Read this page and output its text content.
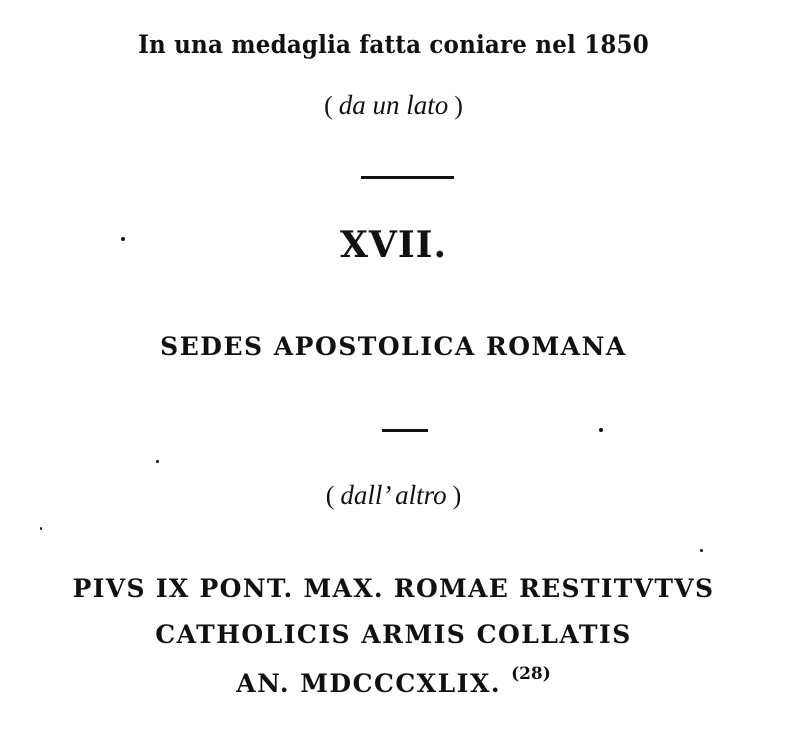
In una medaglia fatta coniare nel 1850
( da un lato )
XVII.
SEDES APOSTOLICA ROMANA
( dall’ altro )
PIVS IX PONT. MAX. ROMAE RESTITVTVS
CATHOLICIS ARMIS COLLATIS
AN. MDCCCXLIX. $^{(28)}$
